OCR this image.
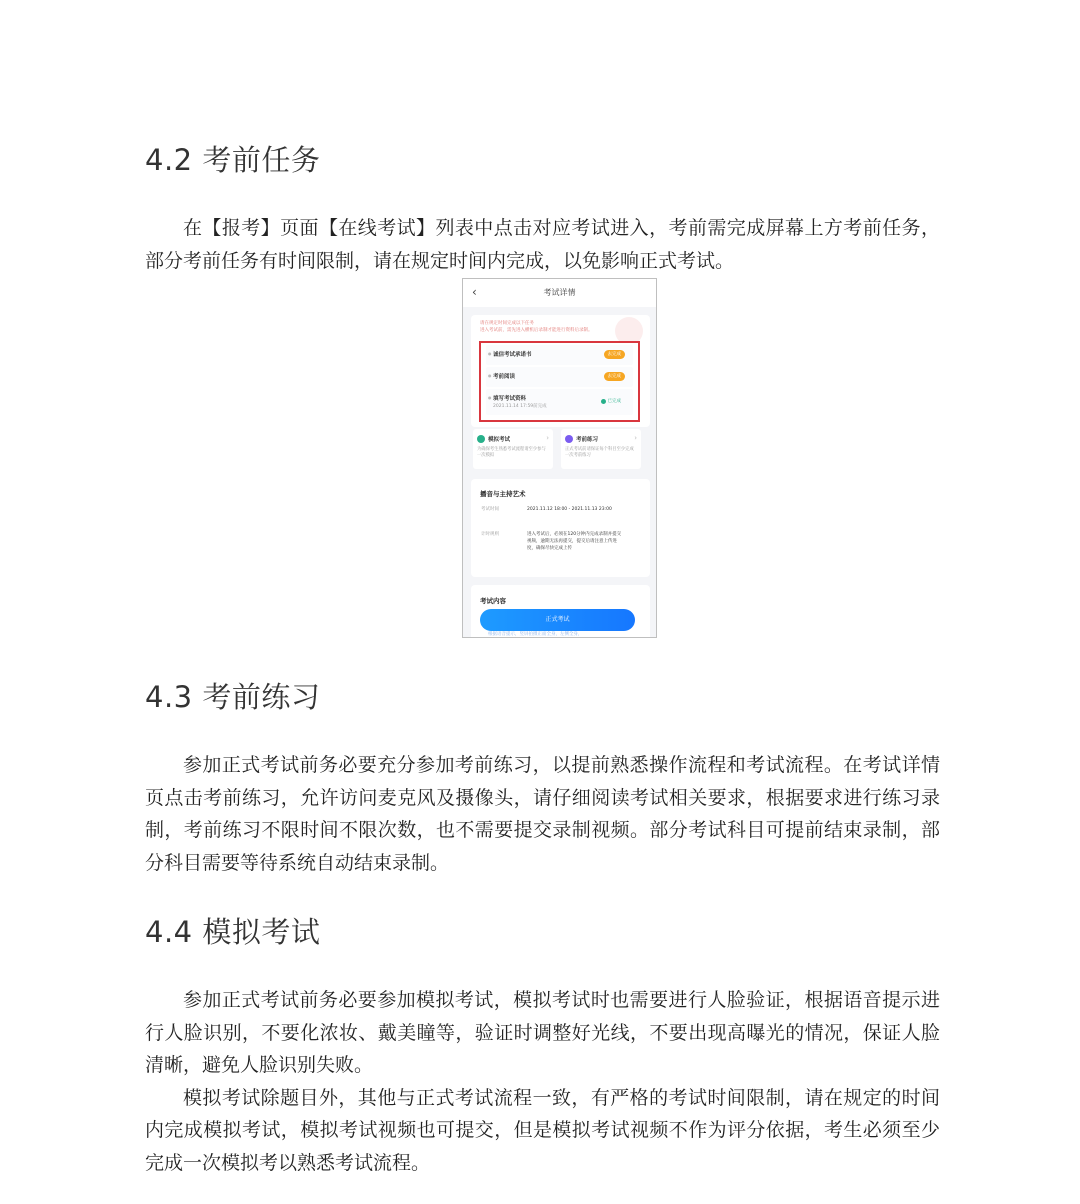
4.2 考前任务

在【报考】页面【在线考试】列表中点击对应考试进入，考前需完成屏幕上方考前任务，部分考前任务有时间限制，请在规定时间内完成，以免影响正式考试。

‹	考试详情
请在规定时间完成以下任务
进入考试前，需先进入横机后录制才能进行资料后录制。
● 诚信考试承诺书	去完成
● 考前阅读	去完成
● 填写考试资料
2021.11.14 17:59前完成
已完成
模拟考试	›
为确保考生熟悉考试流程请至少参与一次模拟
考前练习	›
正式考试前请保证每个科目至少完成一次考前练习
播音与主持艺术
考试时间	2021.11.12 18:00 - 2021.11.13 23:00
计时规则	进入考试后，必须在120分钟内完成录制并提交视频，逾期无法再提交，提交后请注意上传进度，确保尽快完成上传
考试内容
正式考试
根据语音提示，竖屏拍摄正面全身，左侧全身，
4.3 考前练习

参加正式考试前务必要充分参加考前练习，以提前熟悉操作流程和考试流程。在考试详情页点击考前练习，允许访问麦克风及摄像头，请仔细阅读考试相关要求，根据要求进行练习录制，考前练习不限时间不限次数，也不需要提交录制视频。部分考试科目可提前结束录制，部分科目需要等待系统自动结束录制。

4.4 模拟考试

参加正式考试前务必要参加模拟考试，模拟考试时也需要进行人脸验证，根据语音提示进行人脸识别，不要化浓妆、戴美瞳等，验证时调整好光线，不要出现高曝光的情况，保证人脸清晰，避免人脸识别失败。

模拟考试除题目外，其他与正式考试流程一致，有严格的考试时间限制，请在规定的时间内完成模拟考试，模拟考试视频也可提交，但是模拟考试视频不作为评分依据，考生必须至少完成一次模拟考以熟悉考试流程。
